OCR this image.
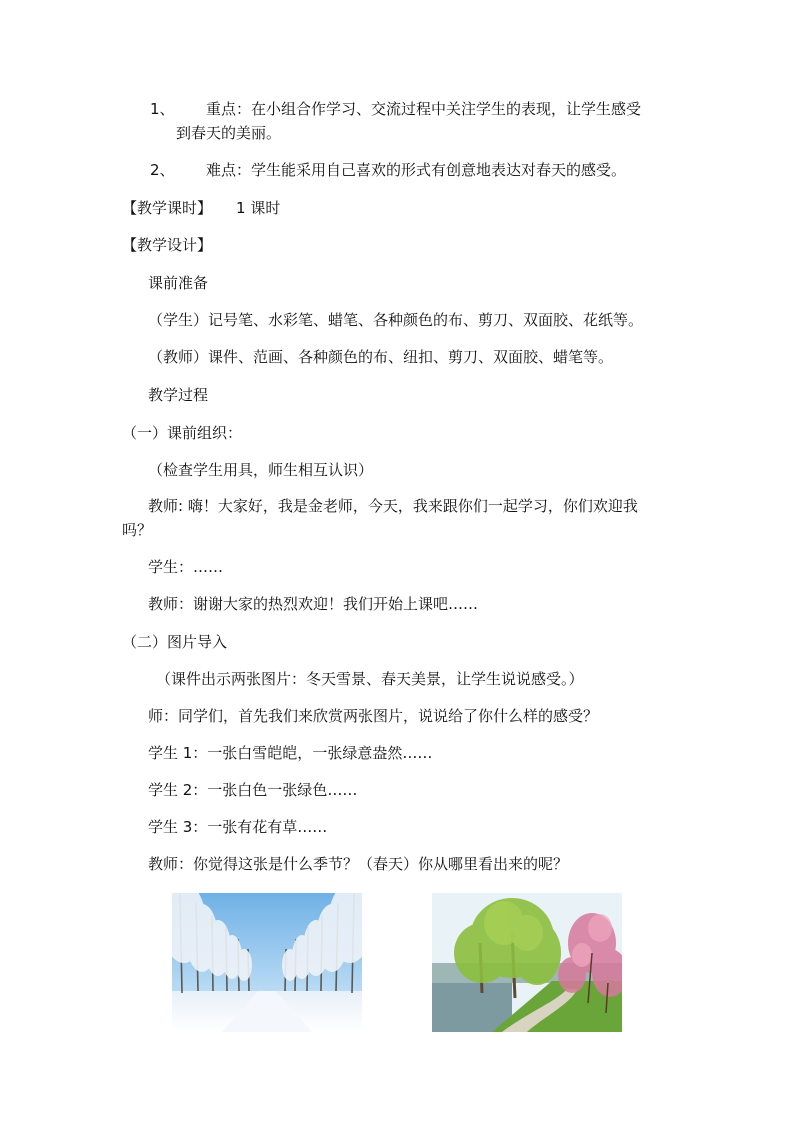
1、 重点：在小组合作学习、交流过程中关注学生的表现，让学生感受
到春天的美丽。
2、 难点：学生能采用自己喜欢的形式有创意地表达对春天的感受。
【教学课时】 1 课时
【教学设计】
课前准备
（学生）记号笔、水彩笔、蜡笔、各种颜色的布、剪刀、双面胶、花纸等。
（教师）课件、范画、各种颜色的布、纽扣、剪刀、双面胶、蜡笔等。
教学过程
（一）课前组织：
（检查学生用具，师生相互认识）
教师: 嗨！大家好，我是金老师，今天，我来跟你们一起学习，你们欢迎我
吗？
学生：……
教师：谢谢大家的热烈欢迎！我们开始上课吧……
（二）图片导入
（课件出示两张图片：冬天雪景、春天美景，让学生说说感受。）
师：同学们，首先我们来欣赏两张图片，说说给了你什么样的感受？
学生 1：一张白雪皑皑，一张绿意盎然……
学生 2：一张白色一张绿色……
学生 3：一张有花有草……
教师：你觉得这张是什么季节？（春天）你从哪里看出来的呢？
